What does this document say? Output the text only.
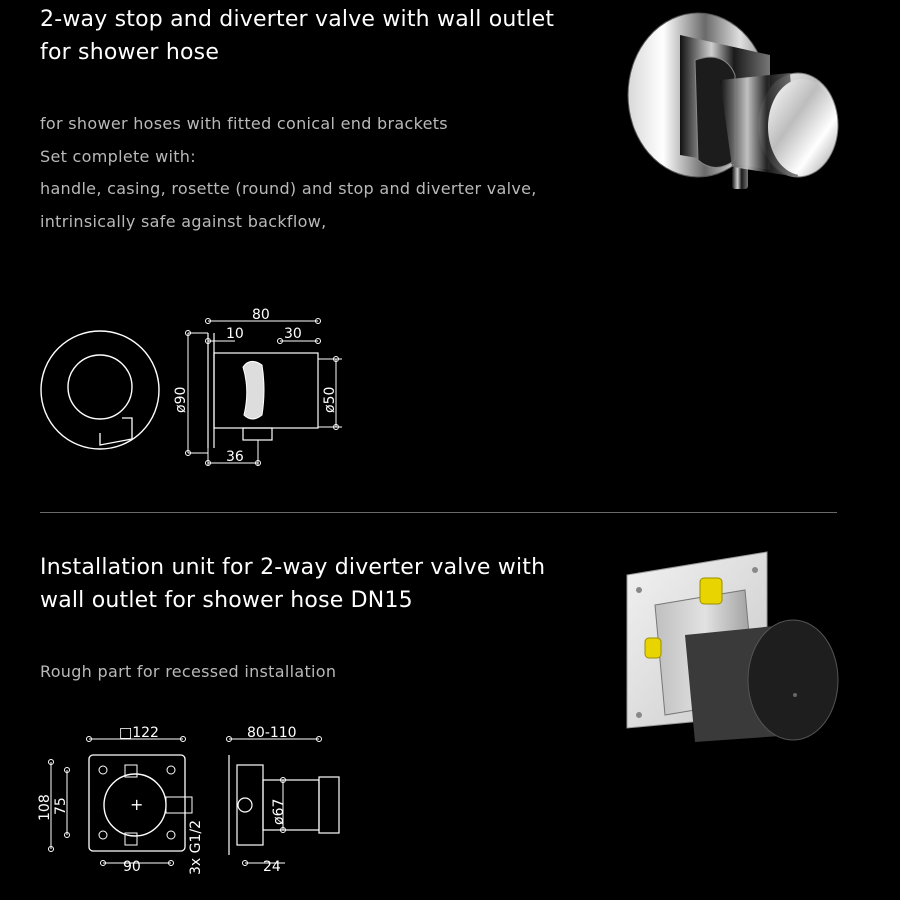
2-way stop and diverter valve with wall outlet
for shower hose
for shower hoses with fitted conical end brackets
Set complete with:
handle, casing, rosette (round) and stop and diverter valve,
intrinsically safe against backflow,
80
10	30
ø90	ø50
36
Installation unit for 2-way diverter valve with
wall outlet for shower hose DN15
Rough part for recessed installation
+
□122
108 75
90	3x G1/2
80-110
ø67
24
